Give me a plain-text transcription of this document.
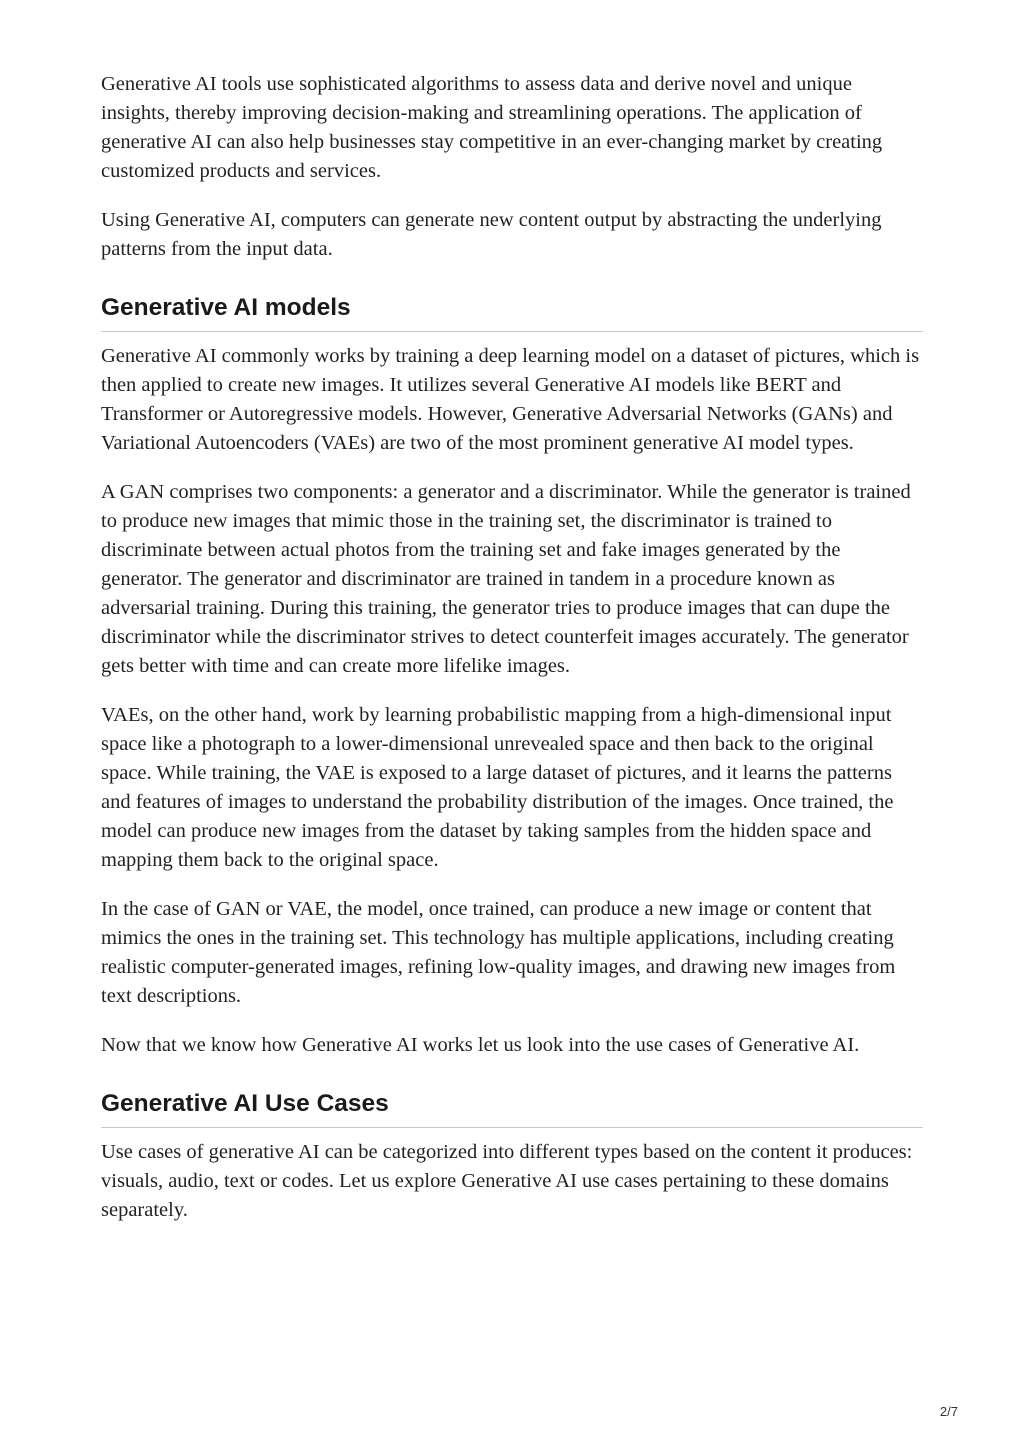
Generative AI tools use sophisticated algorithms to assess data and derive novel and unique insights, thereby improving decision-making and streamlining operations. The application of generative AI can also help businesses stay competitive in an ever-changing market by creating customized products and services.

Using Generative AI, computers can generate new content output by abstracting the underlying patterns from the input data.

Generative AI models

Generative AI commonly works by training a deep learning model on a dataset of pictures, which is then applied to create new images. It utilizes several Generative AI models like BERT and Transformer or Autoregressive models. However, Generative Adversarial Networks (GANs) and Variational Autoencoders (VAEs) are two of the most prominent generative AI model types.

A GAN comprises two components: a generator and a discriminator. While the generator is trained to produce new images that mimic those in the training set, the discriminator is trained to discriminate between actual photos from the training set and fake images generated by the generator. The generator and discriminator are trained in tandem in a procedure known as adversarial training. During this training, the generator tries to produce images that can dupe the discriminator while the discriminator strives to detect counterfeit images accurately. The generator gets better with time and can create more lifelike images.

VAEs, on the other hand, work by learning probabilistic mapping from a high-dimensional input space like a photograph to a lower-dimensional unrevealed space and then back to the original space. While training, the VAE is exposed to a large dataset of pictures, and it learns the patterns and features of images to understand the probability distribution of the images. Once trained, the model can produce new images from the dataset by taking samples from the hidden space and mapping them back to the original space.

In the case of GAN or VAE, the model, once trained, can produce a new image or content that mimics the ones in the training set. This technology has multiple applications, including creating realistic computer-generated images, refining low-quality images, and drawing new images from text descriptions.

Now that we know how Generative AI works let us look into the use cases of Generative AI.

Generative AI Use Cases

Use cases of generative AI can be categorized into different types based on the content it produces: visuals, audio, text or codes. Let us explore Generative AI use cases pertaining to these domains separately.

2/7
